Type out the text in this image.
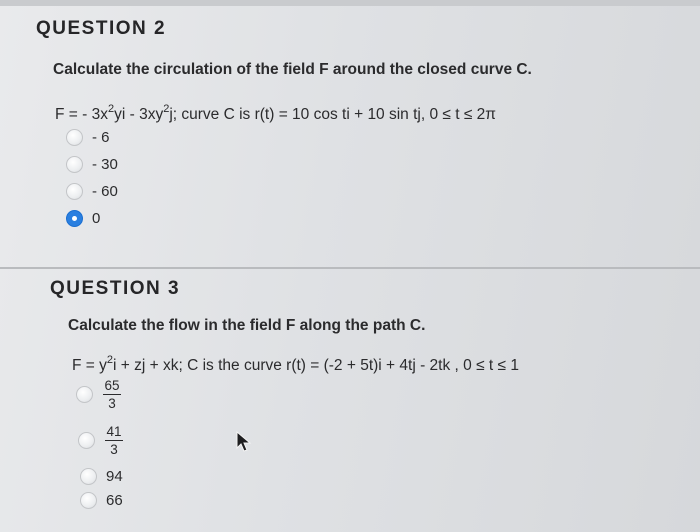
QUESTION 2
Calculate the circulation of the field F around the closed curve C.
F = - $3x^2yi - 3xy^2j$; curve C is r(t) = 10 cos ti + 10 sin tj, 0 ≤ t ≤ 2π
- 6
- 30
- 60
0
QUESTION 3
Calculate the flow in the field F along the path C.
$F = y^2i$ + zj + xk; C is the curve r(t) = (-2 + 5t)i + 4tj - 2tk , 0 ≤ t ≤ 1
$\frac{65}{3}$
$\frac{41}{3}$
94
66
